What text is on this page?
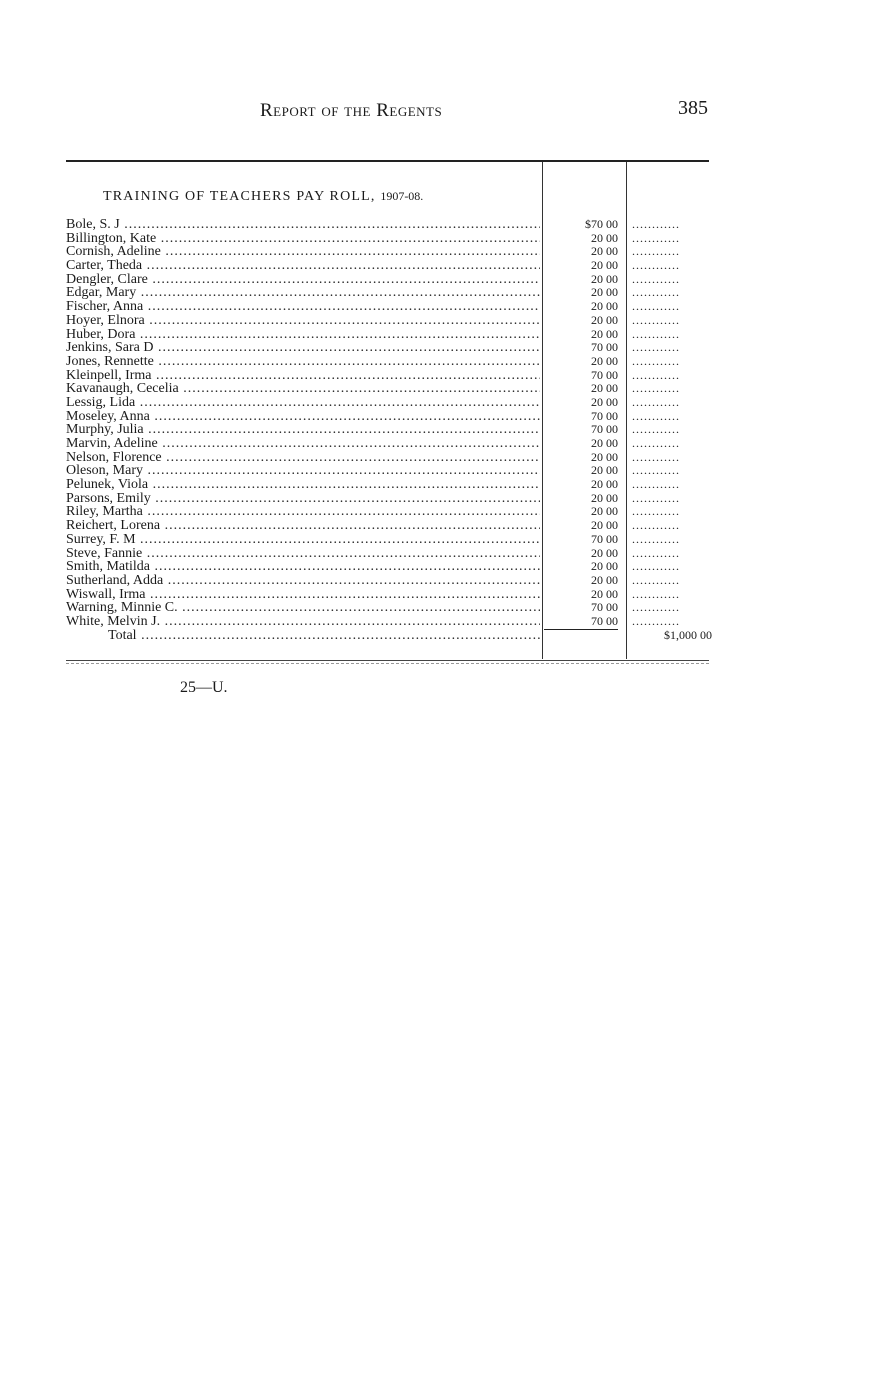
Report of the Regents	385
TRAINING OF TEACHERS PAY ROLL, 1907-08.
Bole, S. J .....	$70 00 ............
Billington, Kate .....	20 00 ............
Cornish, Adeline .....	20 00 ............
Carter, Theda .....	20 00 ............
Dengler, Clare .....	20 00 ............
Edgar, Mary .....	20 00 ............
Fischer, Anna .....	20 00 ............
Hoyer, Elnora .....	20 00 ............
Huber, Dora .....	20 00 ............
Jenkins, Sara D .....	70 00 ............
Jones, Rennette .....	20 00 ............
Kleinpell, Irma .....	70 00 ............
Kavanaugh, Cecelia .....	20 00 ............
Lessig, Lida .....	20 00 ............
Moseley, Anna .....	70 00 ............
Murphy, Julia .....	70 00 ............
Marvin, Adeline .....	20 00 ............
Nelson, Florence .....	20 00 ............
Oleson, Mary .....	20 00 ............
Pelunek, Viola .....	20 00 ............
Parsons, Emily .....	20 00 ............
Riley, Martha .....	20 00 ............
Reichert, Lorena .....	20 00 ............
Surrey, F. M .....	70 00 ............
Steve, Fannie .....	20 00 ............
Smith, Matilda .....	20 00 ............
Sutherland, Adda .....	20 00 ............
Wiswall, Irma .....	20 00 ............
Warning, Minnie C. .....	70 00 ............
White, Melvin J. .....	70 00 ............
Total .....	$1,000 00
25—U.
